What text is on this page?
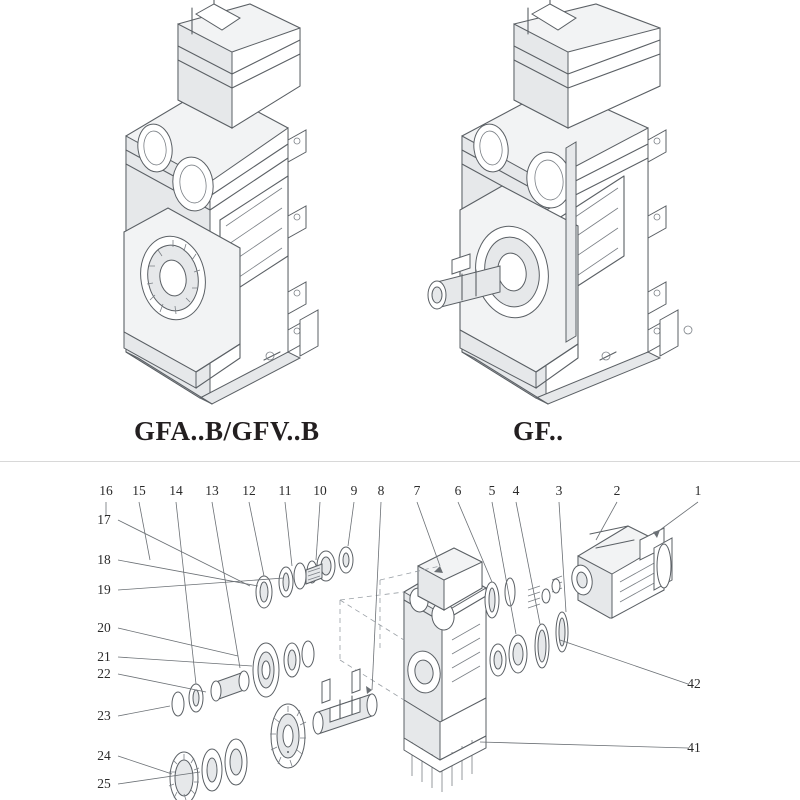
GFA..B/GFV..B	GF..
16 15 14 13 12 11 10	9	8	7	6	5	4	3	2	1
17
18
19
20
21
22
23
24
25
42
41
